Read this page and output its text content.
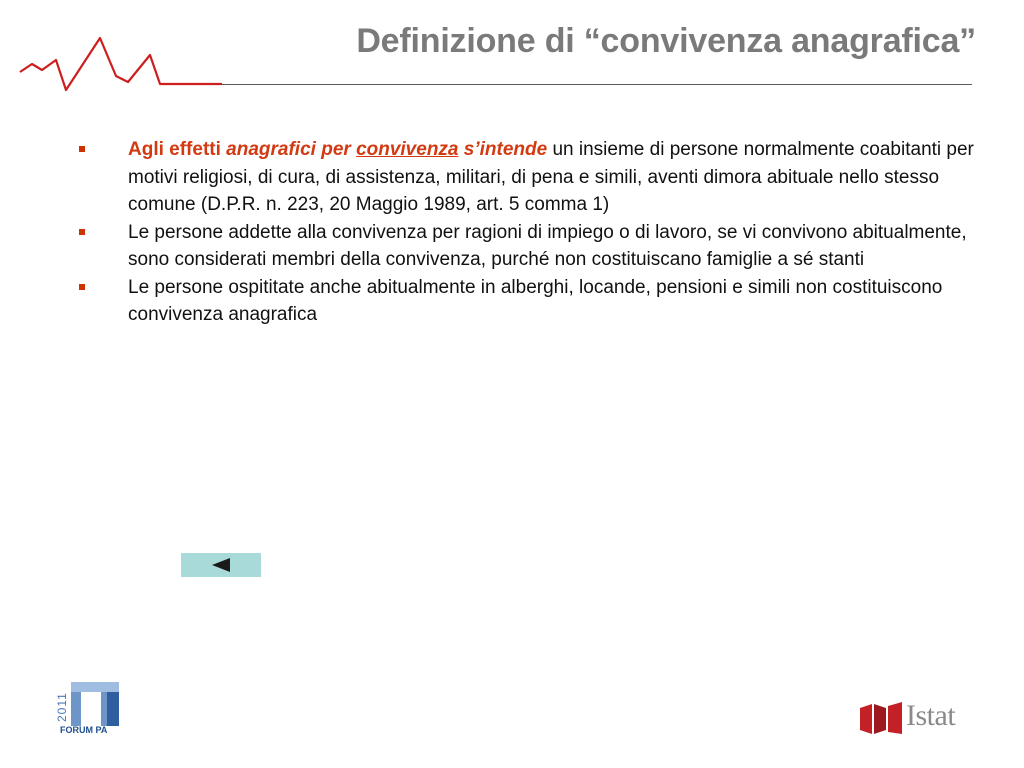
Definizione di “convivenza anagrafica”
Agli effetti anagrafici per convivenza s’intende un insieme di persone normalmente coabitanti per motivi religiosi, di cura, di assistenza, militari, di pena e simili, aventi dimora abituale nello stesso comune (D.P.R. n. 223, 20 Maggio 1989, art. 5 comma 1)
Le persone addette alla convivenza per ragioni di impiego o di lavoro, se vi convivono abitualmente, sono considerati membri della convivenza, purché non costituiscano famiglie a sé stanti
Le persone ospititate anche abitualmente in alberghi, locande, pensioni e simili non costituiscono convivenza anagrafica
2011
FORUM PA	Istat
